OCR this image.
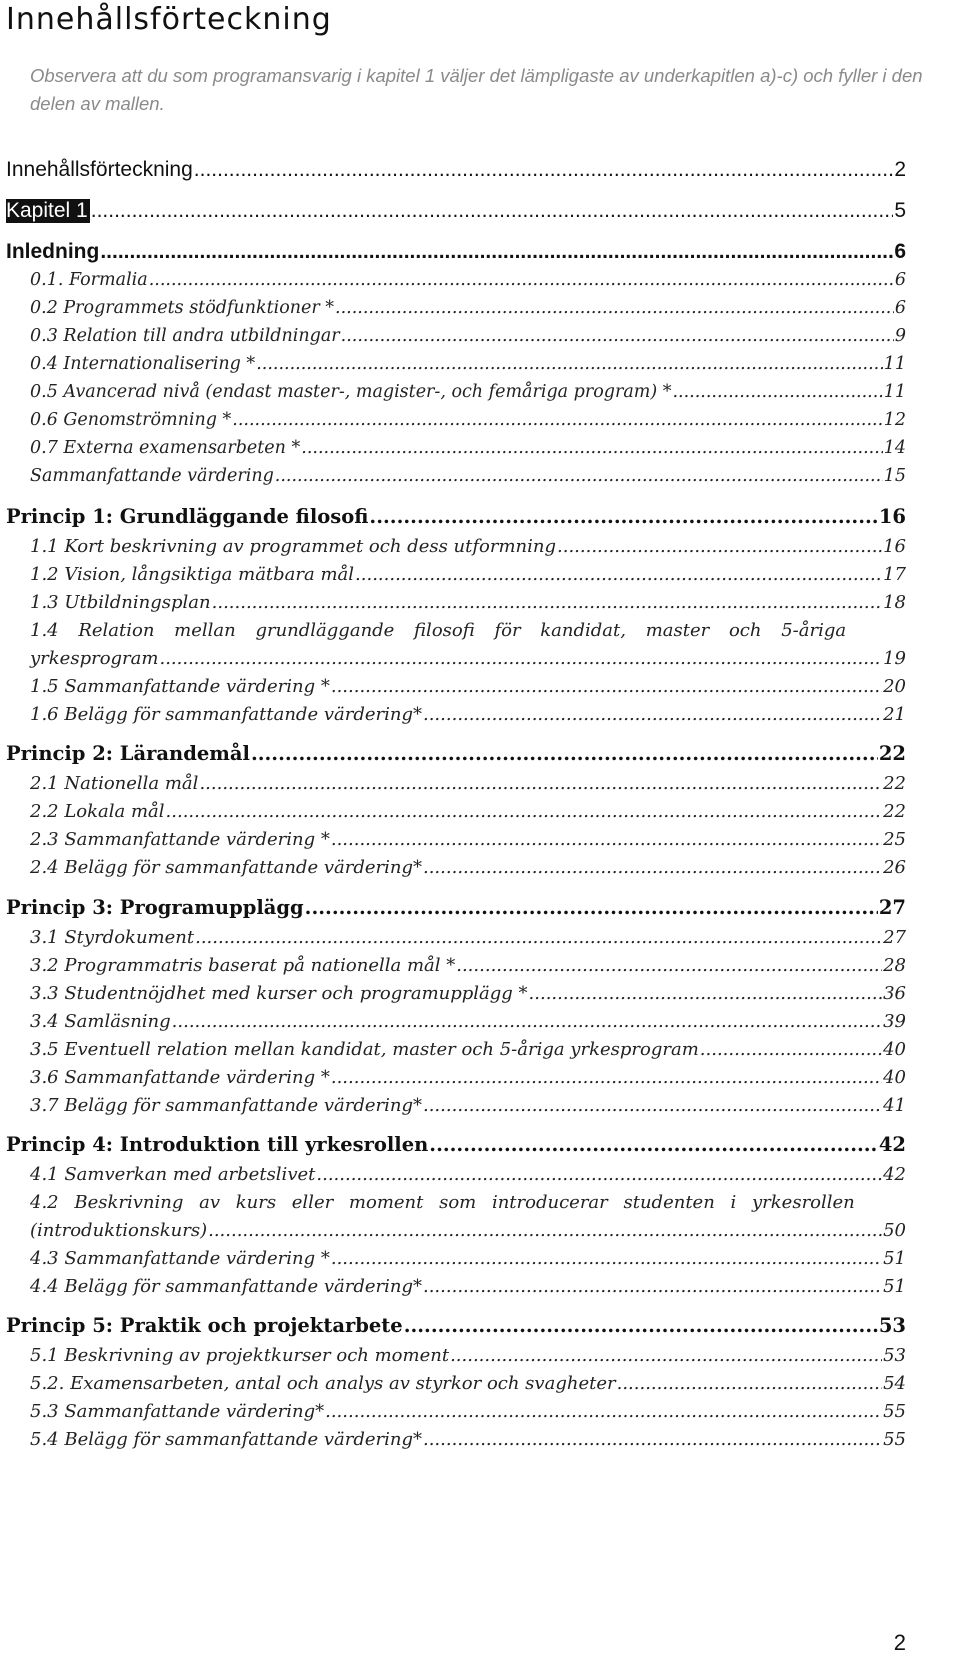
Innehållsförteckning
Observera att du som programansvarig i kapitel 1 väljer det lämpligaste av underkapitlen a)-c) och fyller i den delen av mallen.
Innehållsförteckning .....	2
Kapitel 1 .....	5
Inledning .....	6
0.1. Formalia .....	6
0.2 Programmets stödfunktioner * .....	6
0.3 Relation till andra utbildningar .....	9
0.4 Internationalisering * .....	11
0.5 Avancerad nivå (endast master-, magister-, och femåriga program) * .....	11
0.6 Genomströmning * .....	12
0.7 Externa examensarbeten * .....	14
Sammanfattande värdering .....	15
Princip 1: Grundläggande filosofi .....	16
1.1 Kort beskrivning av programmet och dess utformning .....	16
1.2 Vision, långsiktiga mätbara mål .....	17
1.3 Utbildningsplan .....	18
1.4 Relation mellan grundläggande filosofi för kandidat, master och 5-åriga
yrkesprogram .....	19
1.5 Sammanfattande värdering * .....	20
1.6 Belägg för sammanfattande värdering* .....	21
Princip 2: Lärandemål .....	22
2.1 Nationella mål .....	22
2.2 Lokala mål .....	22
2.3 Sammanfattande värdering * .....	25
2.4 Belägg för sammanfattande värdering* .....	26
Princip 3: Programupplägg .....	27
3.1 Styrdokument .....	27
3.2 Programmatris baserat på nationella mål * .....	28
3.3 Studentnöjdhet med kurser och programupplägg * .....	36
3.4 Samläsning .....	39
3.5 Eventuell relation mellan kandidat, master och 5-åriga yrkesprogram .....	40
3.6 Sammanfattande värdering * .....	40
3.7 Belägg för sammanfattande värdering* .....	41
Princip 4: Introduktion till yrkesrollen .....	42
4.1 Samverkan med arbetslivet .....	42
4.2 Beskrivning av kurs eller moment som introducerar studenten i yrkesrollen
(introduktionskurs) .....	50
4.3 Sammanfattande värdering * .....	51
4.4 Belägg för sammanfattande värdering* .....	51
Princip 5: Praktik och projektarbete .....	53
5.1 Beskrivning av projektkurser och moment .....	53
5.2. Examensarbeten, antal och analys av styrkor och svagheter .....	54
5.3 Sammanfattande värdering* .....	55
5.4 Belägg för sammanfattande värdering* .....	55
2
